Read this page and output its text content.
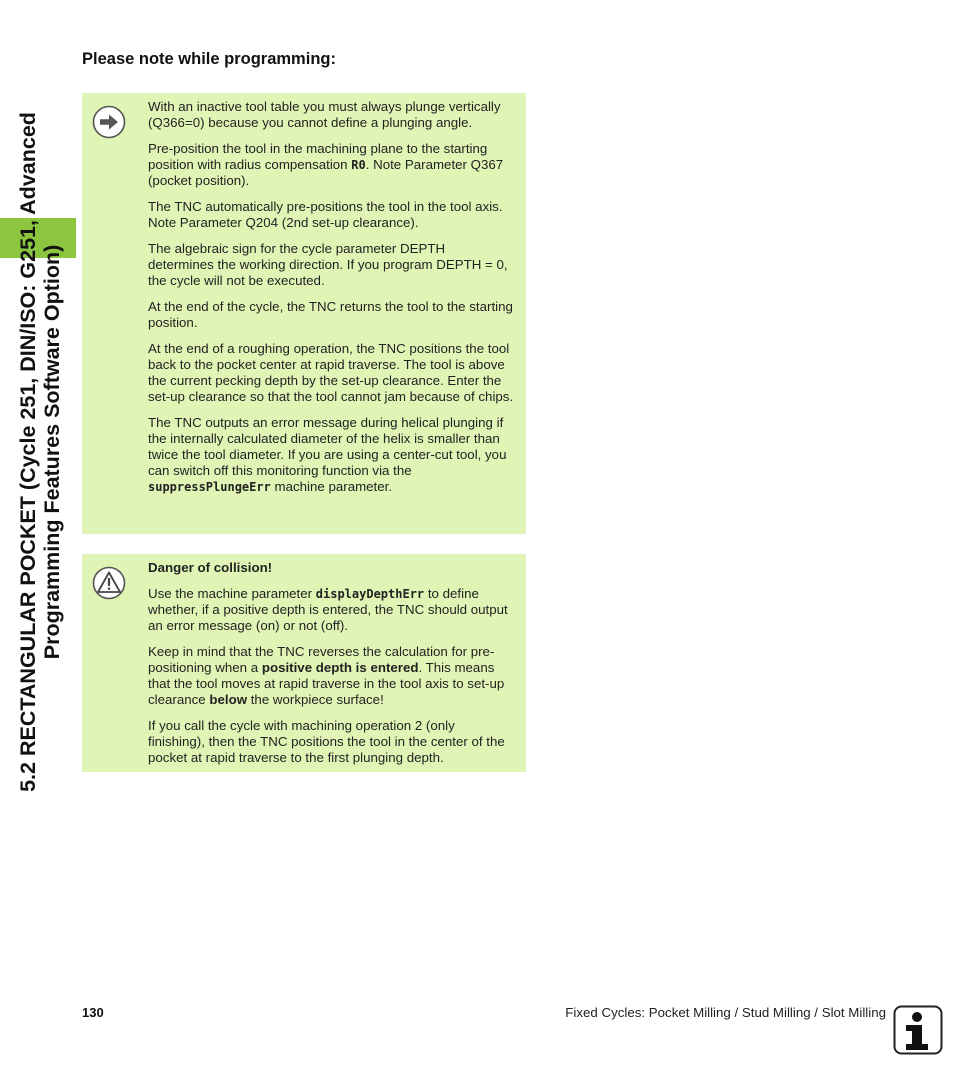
5.2 RECTANGULAR POCKET (Cycle 251, DIN/ISO: G251, Advanced Programming Features Software Option)
Please note while programming:

With an inactive tool table you must always plunge vertically (Q366=0) because you cannot define a plunging angle.

Pre-position the tool in the machining plane to the starting position with radius compensation R0. Note Parameter Q367 (pocket position).

The TNC automatically pre-positions the tool in the tool axis. Note Parameter Q204 (2nd set-up clearance).

The algebraic sign for the cycle parameter DEPTH determines the working direction. If you program DEPTH = 0, the cycle will not be executed.

At the end of the cycle, the TNC returns the tool to the starting position.

At the end of a roughing operation, the TNC positions the tool back to the pocket center at rapid traverse. The tool is above the current pecking depth by the set-up clearance. Enter the set-up clearance so that the tool cannot jam because of chips.

The TNC outputs an error message during helical plunging if the internally calculated diameter of the helix is smaller than twice the tool diameter. If you are using a center-cut tool, you can switch off this monitoring function via the suppressPlungeErr machine parameter.

Danger of collision!

Use the machine parameter displayDepthErr to define whether, if a positive depth is entered, the TNC should output an error message (on) or not (off).

Keep in mind that the TNC reverses the calculation for pre-positioning when a positive depth is entered. This means that the tool moves at rapid traverse in the tool axis to set-up clearance below the workpiece surface!

If you call the cycle with machining operation 2 (only finishing), then the TNC positions the tool in the center of the pocket at rapid traverse to the first plunging depth.

130	Fixed Cycles: Pocket Milling / Stud Milling / Slot Milling
